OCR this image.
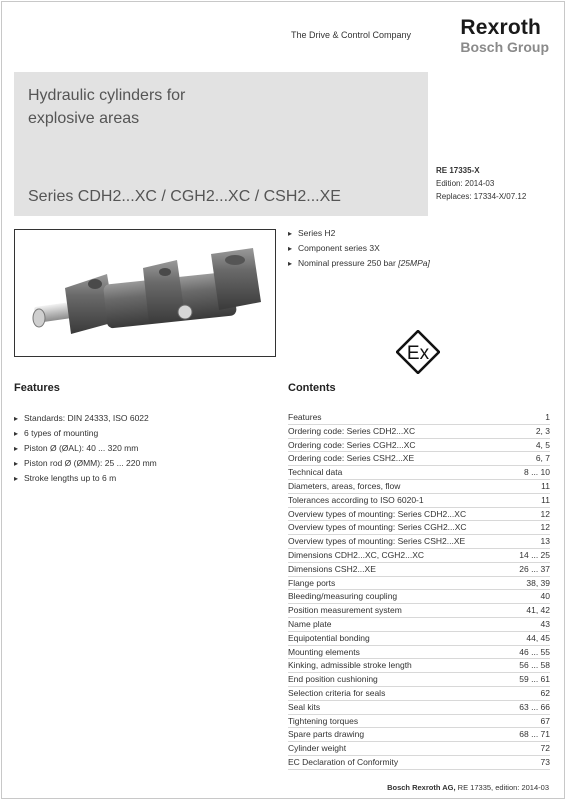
The Drive & Control Company Rexroth
Bosch Group
Hydraulic cylinders for
explosive areas
Series CDH2...XC / CGH2...XC / CSH2...XE
RE 17335-X
Edition: 2014-03
Replaces: 17334-X/07.12
▸ Series H2
▸ Component series 3X
▸ Nominal pressure 250 bar [25MPa]
Ex
Features	Contents
▸ Standards: DIN 24333, ISO 6022
▸ 6 types of mounting
▸ Piston Ø (ØAL): 40 ... 320 mm
▸ Piston rod Ø (ØMM): 25 ... 220 mm
▸ Stroke lengths up to 6 m
Features	1
Ordering code: Series CDH2...XC	2, 3
Ordering code: Series CGH2...XC	4, 5
Ordering code: Series CSH2...XE	6, 7
Technical data	8 ... 10
Diameters, areas, forces, flow	11
Tolerances according to ISO 6020-1	11
Overview types of mounting: Series CDH2...XC	12
Overview types of mounting: Series CGH2...XC	12
Overview types of mounting: Series CSH2...XE	13
Dimensions CDH2...XC, CGH2...XC	14 ... 25
Dimensions CSH2...XE	26 ... 37
Flange ports	38, 39
Bleeding/measuring coupling	40
Position measurement system	41, 42
Name plate	43
Equipotential bonding	44, 45
Mounting elements	46 ... 55
Kinking, admissible stroke length	56 ... 58
End position cushioning	59 ... 61
Selection criteria for seals	62
Seal kits	63 ... 66
Tightening torques	67
Spare parts drawing	68 ... 71
Cylinder weight	72
EC Declaration of Conformity	73
Bosch Rexroth AG, RE 17335, edition: 2014-03
